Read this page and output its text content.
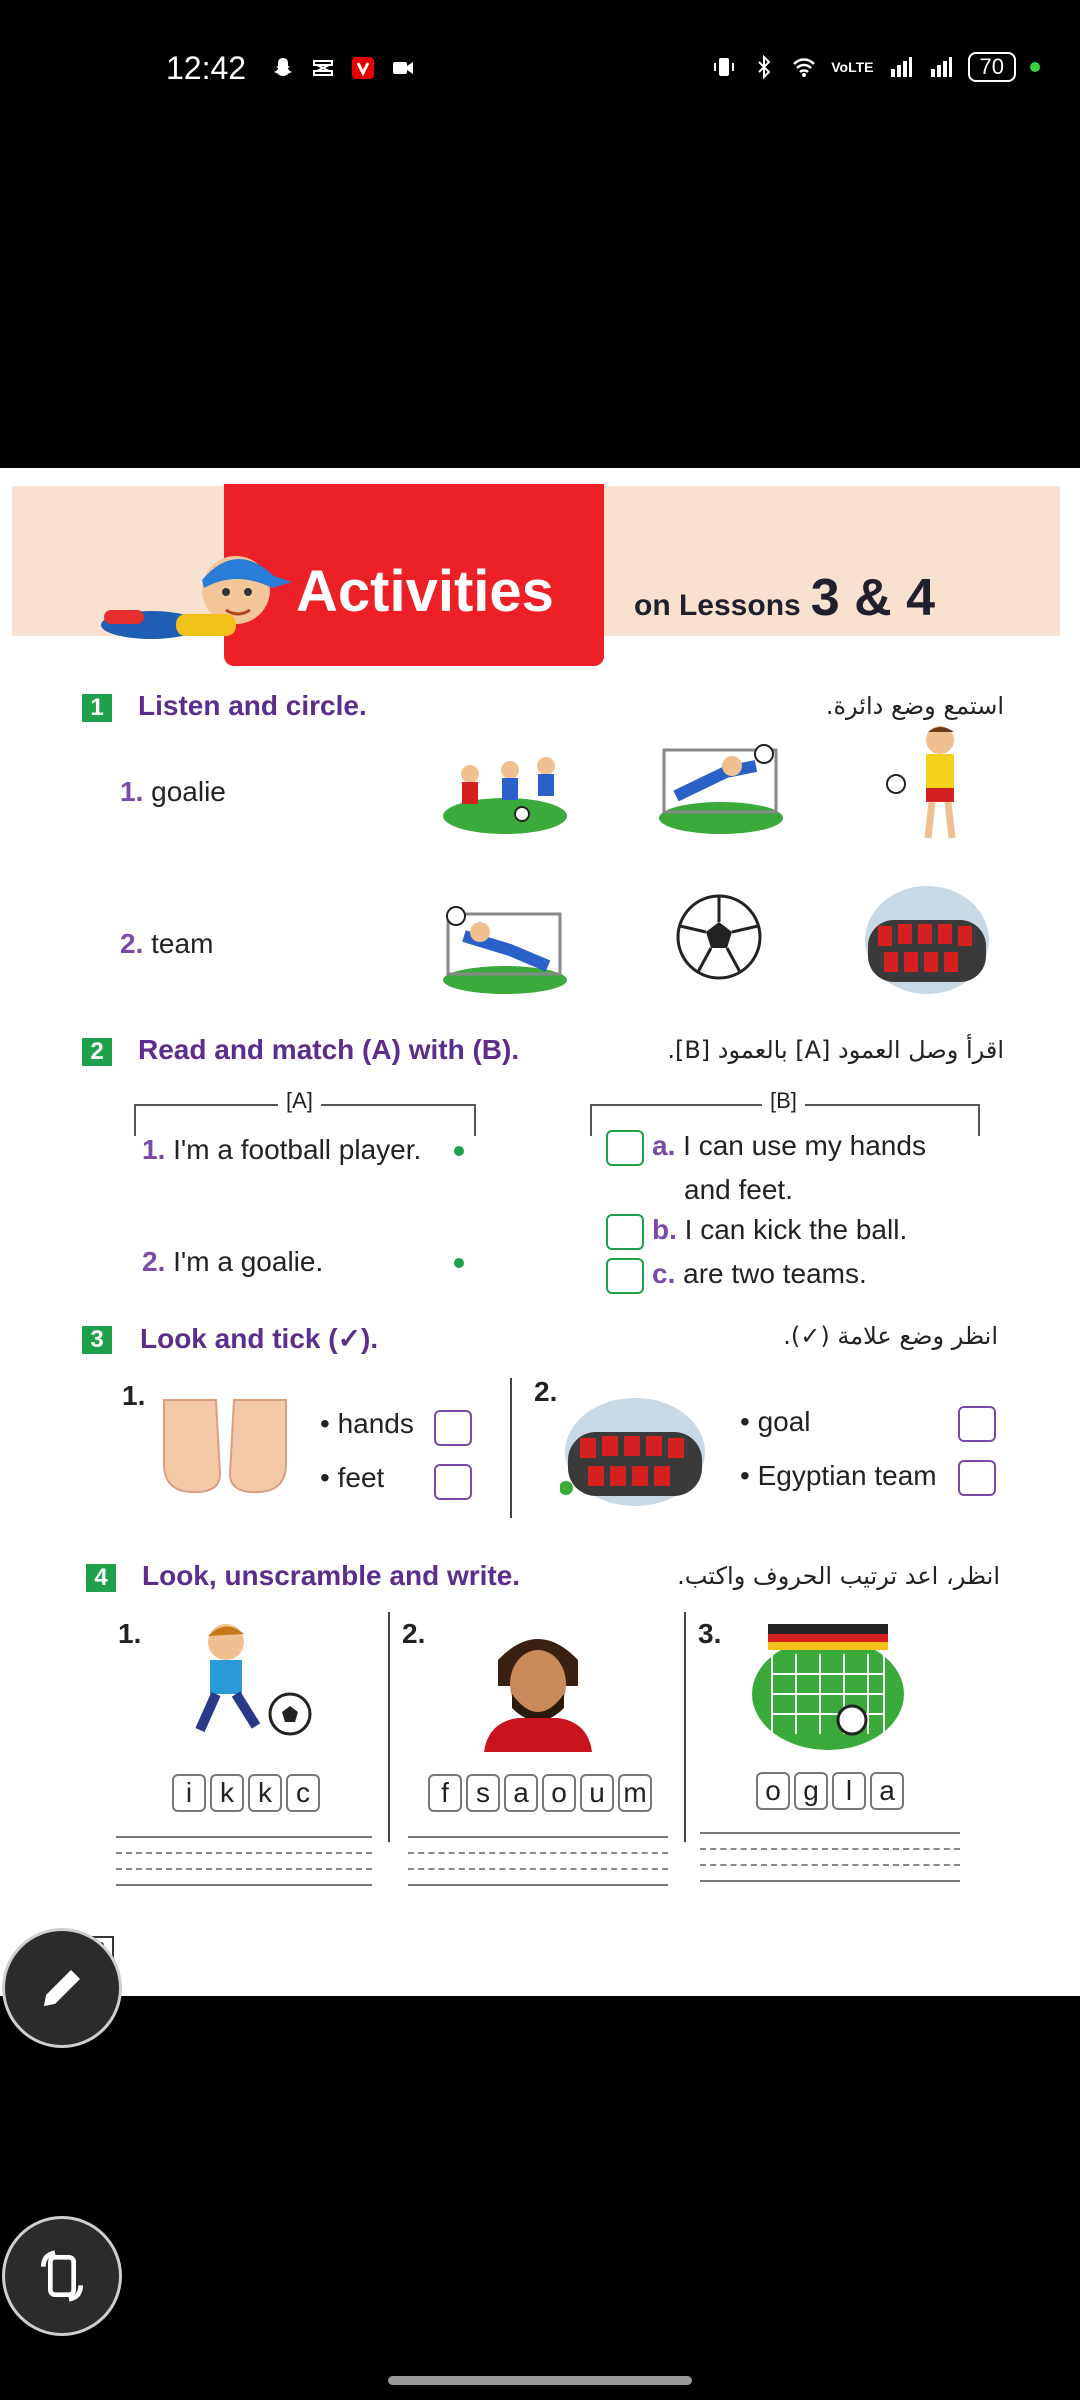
12:42	VoLTE	70
Activities	on Lessons 3 & 4
1 Listen and circle.	استمع وضع دائرة.
1. goalie
2. team
2 Read and match (A) with (B).	اقرأ وصل العمود [A] بالعمود [B].
[A]	[B]
1. I'm a football player.
2. I'm a goalie.
a. I can use my hands
and feet.
b. I can kick the ball.
c. are two teams.
3 Look and tick (✓).	انظر وضع علامة (✓).
1.
• hands
• feet
2.
• goal
• Egyptian team
4 Look, unscramble and write.	انظر، اعد ترتيب الحروف واكتب.
1.
i k k c
2.
f s a o u m
3.
o g l a
